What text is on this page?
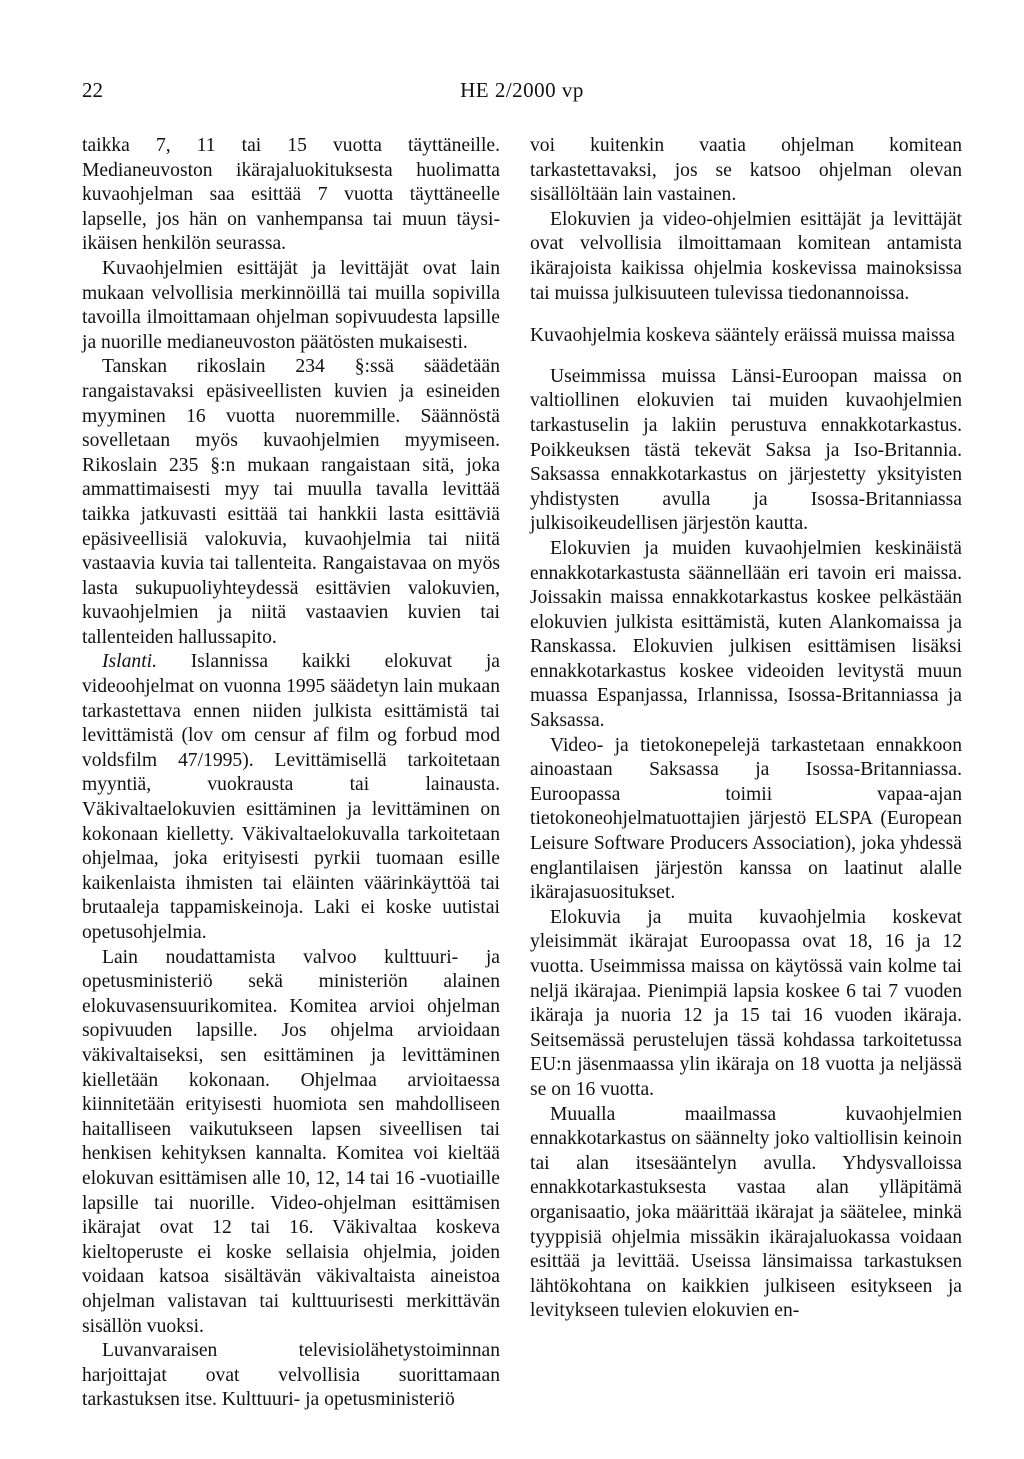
22	HE 2/2000 vp

taikka 7, 11 tai 15 vuotta täyttäneille. Medianeuvoston ikärajaluokituksesta huolimatta kuvaohjelman saa esittää 7 vuotta täyttäneelle lapselle, jos hän on vanhempansa tai muun täysi-ikäisen henkilön seurassa.

Kuvaohjelmien esittäjät ja levittäjät ovat lain mukaan velvollisia merkinnöillä tai muilla sopivilla tavoilla ilmoittamaan ohjelman sopivuudesta lapsille ja nuorille medianeuvoston päätösten mukaisesti.

Tanskan rikoslain 234 §:ssä säädetään rangaistavaksi epäsiveellisten kuvien ja esineiden myyminen 16 vuotta nuoremmille. Säännöstä sovelletaan myös kuvaohjelmien myymiseen. Rikoslain 235 §:n mukaan rangaistaan sitä, joka ammattimaisesti myy tai muulla tavalla levittää taikka jatkuvasti esittää tai hankkii lasta esittäviä epäsiveellisiä valokuvia, kuvaohjelmia tai niitä vastaavia kuvia tai tallenteita. Rangaistavaa on myös lasta sukupuoliyhteydessä esittävien valokuvien, kuvaohjelmien ja niitä vastaavien kuvien tai tallenteiden hallussapito.

Islanti. Islannissa kaikki elokuvat ja videoohjelmat on vuonna 1995 säädetyn lain mukaan tarkastettava ennen niiden julkista esittämistä tai levittämistä (lov om censur af film og forbud mod voldsfilm 47/1995). Levittämisellä tarkoitetaan myyntiä, vuokrausta tai lainausta. Väkivaltaelokuvien esittäminen ja levittäminen on kokonaan kielletty. Väkivaltaelokuvalla tarkoitetaan ohjelmaa, joka erityisesti pyrkii tuomaan esille kaikenlaista ihmisten tai eläinten väärinkäyttöä tai brutaaleja tappamiskeinoja. Laki ei koske uutistai opetusohjelmia.

Lain noudattamista valvoo kulttuuri- ja opetusministeriö sekä ministeriön alainen elokuvasensuurikomitea. Komitea arvioi ohjelman sopivuuden lapsille. Jos ohjelma arvioidaan väkivaltaiseksi, sen esittäminen ja levittäminen kielletään kokonaan. Ohjelmaa arvioitaessa kiinnitetään erityisesti huomiota sen mahdolliseen haitalliseen vaikutukseen lapsen siveellisen tai henkisen kehityksen kannalta. Komitea voi kieltää elokuvan esittämisen alle 10, 12, 14 tai 16 -vuotiaille lapsille tai nuorille. Video-ohjelman esittämisen ikärajat ovat 12 tai 16. Väkivaltaa koskeva kieltoperuste ei koske sellaisia ohjelmia, joiden voidaan katsoa sisältävän väkivaltaista aineistoa ohjelman valistavan tai kulttuurisesti merkittävän sisällön vuoksi.

Luvanvaraisen televisiolähetystoiminnan harjoittajat ovat velvollisia suorittamaan tarkastuksen itse. Kulttuuri- ja opetusministeriö

voi kuitenkin vaatia ohjelman komitean tarkastettavaksi, jos se katsoo ohjelman olevan sisällöltään lain vastainen.

Elokuvien ja video-ohjelmien esittäjät ja levittäjät ovat velvollisia ilmoittamaan komitean antamista ikärajoista kaikissa ohjelmia koskevissa mainoksissa tai muissa julkisuuteen tulevissa tiedonannoissa.

Kuvaohjelmia koskeva sääntely eräissä muissa maissa

Useimmissa muissa Länsi-Euroopan maissa on valtiollinen elokuvien tai muiden kuvaohjelmien tarkastuselin ja lakiin perustuva ennakkotarkastus. Poikkeuksen tästä tekevät Saksa ja Iso-Britannia. Saksassa ennakkotarkastus on järjestetty yksityisten yhdistysten avulla ja Isossa-Britanniassa julkisoikeudellisen järjestön kautta.

Elokuvien ja muiden kuvaohjelmien keskinäistä ennakkotarkastusta säännellään eri tavoin eri maissa. Joissakin maissa ennakkotarkastus koskee pelkästään elokuvien julkista esittämistä, kuten Alankomaissa ja Ranskassa. Elokuvien julkisen esittämisen lisäksi ennakkotarkastus koskee videoiden levitystä muun muassa Espanjassa, Irlannissa, Isossa-Britanniassa ja Saksassa.

Video- ja tietokonepelejä tarkastetaan ennakkoon ainoastaan Saksassa ja Isossa-Britanniassa. Euroopassa toimii vapaa-ajan tietokoneohjelmatuottajien järjestö ELSPA (European Leisure Software Producers Association), joka yhdessä englantilaisen järjestön kanssa on laatinut alalle ikärajasuositukset.

Elokuvia ja muita kuvaohjelmia koskevat yleisimmät ikärajat Euroopassa ovat 18, 16 ja 12 vuotta. Useimmissa maissa on käytössä vain kolme tai neljä ikärajaa. Pienimpiä lapsia koskee 6 tai 7 vuoden ikäraja ja nuoria 12 ja 15 tai 16 vuoden ikäraja. Seitsemässä perustelujen tässä kohdassa tarkoitetussa EU:n jäsenmaassa ylin ikäraja on 18 vuotta ja neljässä se on 16 vuotta.

Muualla maailmassa kuvaohjelmien ennakkotarkastus on säännelty joko valtiollisin keinoin tai alan itsesääntelyn avulla. Yhdysvalloissa ennakkotarkastuksesta vastaa alan ylläpitämä organisaatio, joka määrittää ikärajat ja säätelee, minkä tyyppisiä ohjelmia missäkin ikärajaluokassa voidaan esittää ja levittää. Useissa länsimaissa tarkastuksen lähtökohtana on kaikkien julkiseen esitykseen ja levitykseen tulevien elokuvien en-
